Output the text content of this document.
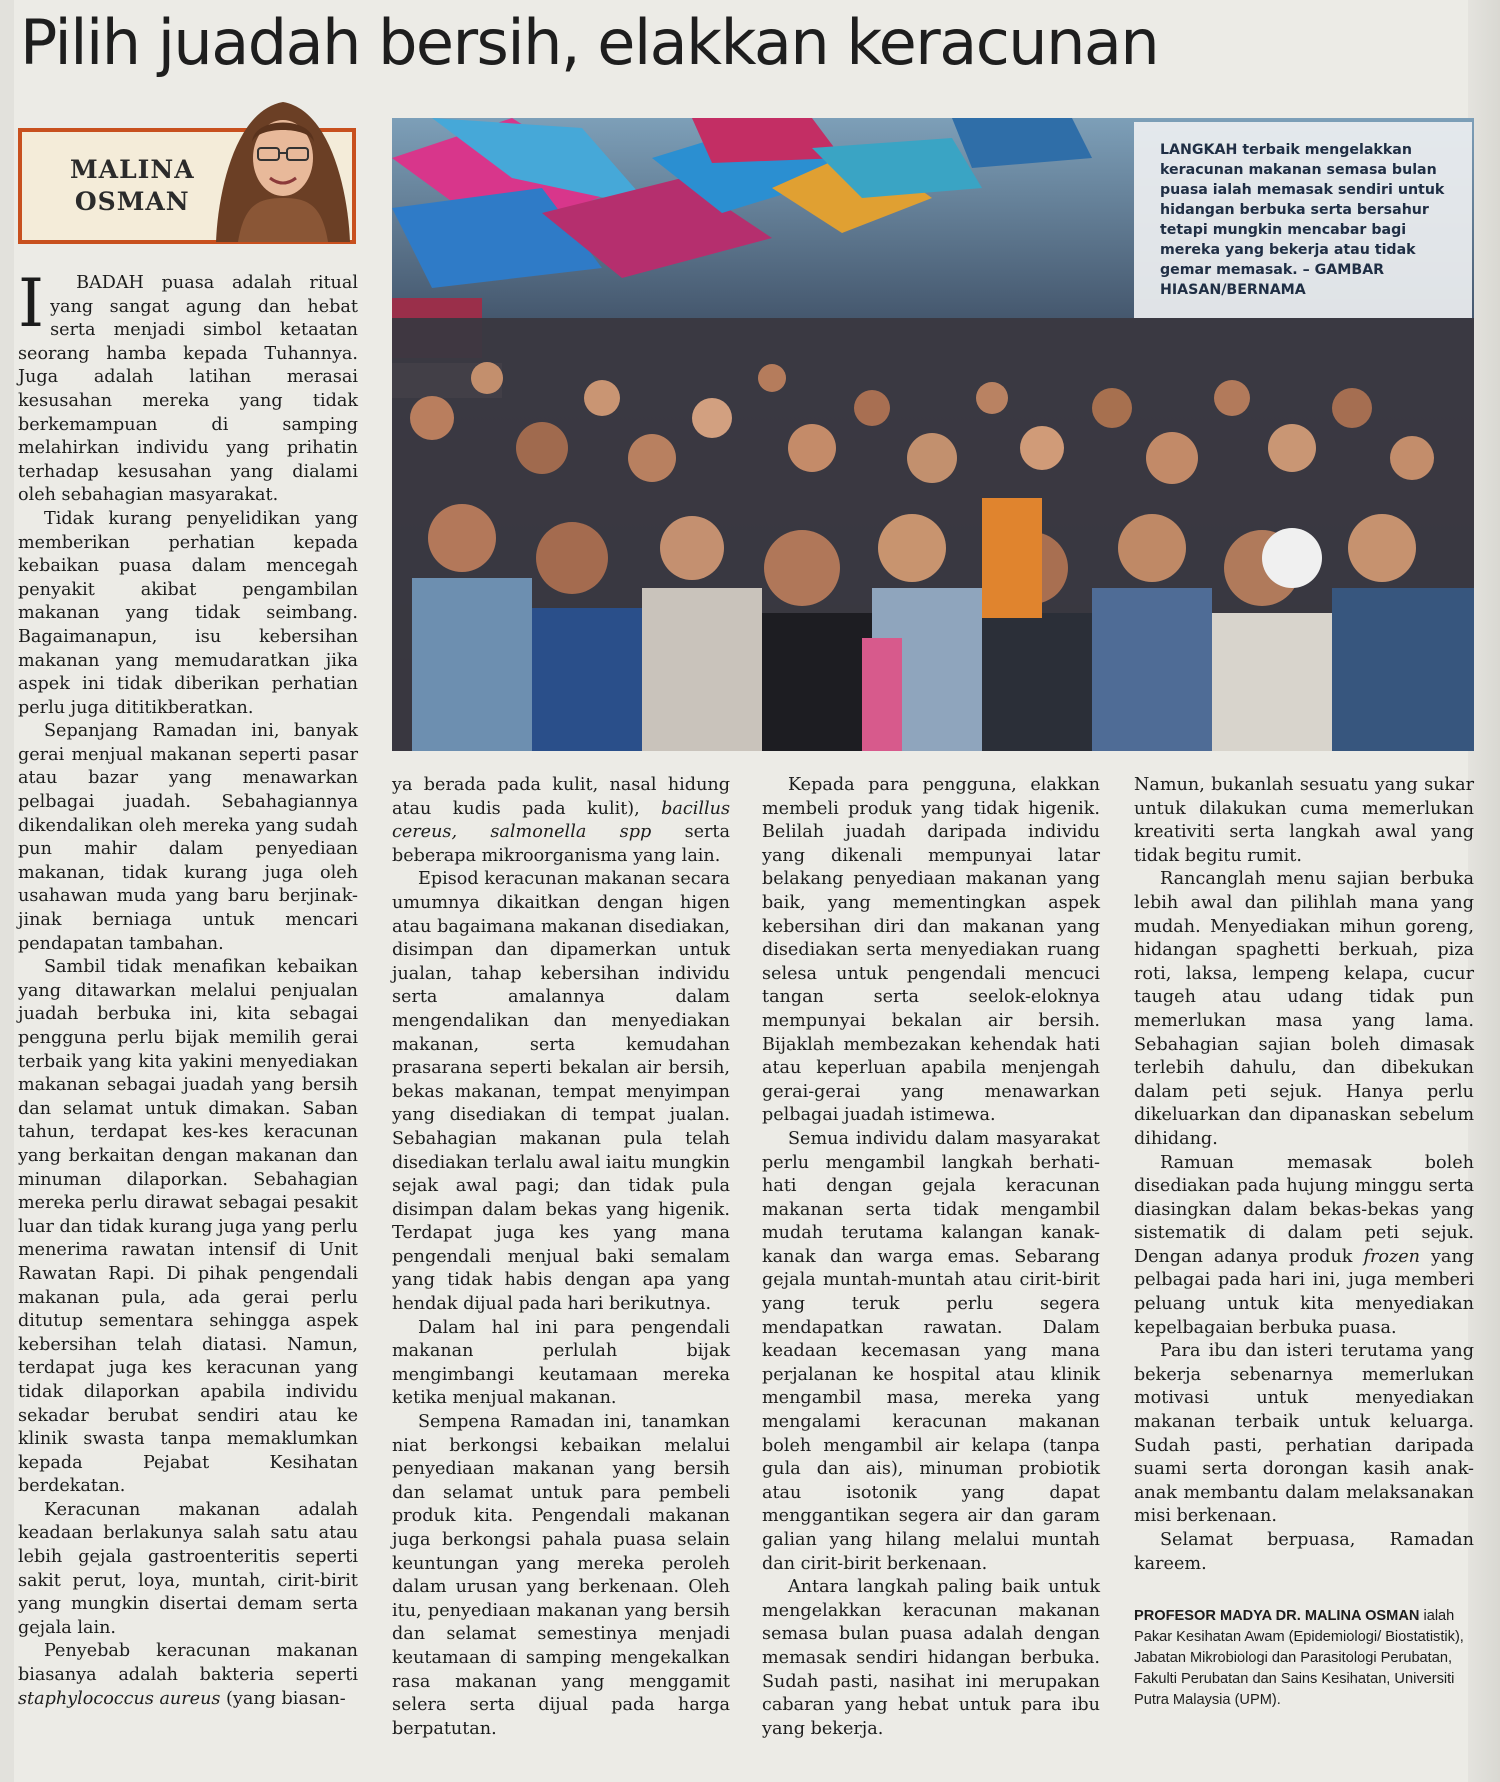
Pilih juadah bersih, elakkan keracunan
MALINA
OSMAN
LANGKAH terbaik mengelakkan keracunan makanan semasa bulan puasa ialah memasak sendiri untuk hidangan berbuka serta bersahur tetapi mungkin mencabar bagi mereka yang bekerja atau tidak gemar memasak. – GAMBAR HIASAN/BERNAMA

I BADAH puasa adalah ritual yang sangat agung dan hebat serta menjadi simbol ketaatan seorang hamba kepada Tuhannya. Juga adalah latihan merasai kesusahan mereka yang tidak berkemampuan di samping melahirkan individu yang prihatin terhadap kesusahan yang dialami oleh sebahagian masyarakat.

Tidak kurang penyelidikan yang memberikan perhatian kepada kebaikan puasa dalam mencegah penyakit akibat pengambilan makanan yang tidak seimbang. Bagaimanapun, isu kebersihan makanan yang memudaratkan jika aspek ini tidak diberikan perhatian perlu juga dititikberatkan.

Sepanjang Ramadan ini, banyak gerai menjual makanan seperti pasar atau bazar yang menawarkan pelbagai juadah. Sebahagiannya dikendalikan oleh mereka yang sudah pun mahir dalam penyediaan makanan, tidak kurang juga oleh usahawan muda yang baru berjinak-jinak berniaga untuk mencari pendapatan tambahan.

Sambil tidak menafikan kebaikan yang ditawarkan melalui penjualan juadah berbuka ini, kita sebagai pengguna perlu bijak memilih gerai terbaik yang kita yakini menyediakan makanan sebagai juadah yang bersih dan selamat untuk dimakan. Saban tahun, terdapat kes-kes keracunan yang berkaitan dengan makanan dan minuman dilaporkan. Sebahagian mereka perlu dirawat sebagai pesakit luar dan tidak kurang juga yang perlu menerima rawatan intensif di Unit Rawatan Rapi. Di pihak pengendali makanan pula, ada gerai perlu ditutup sementara sehingga aspek kebersihan telah diatasi. Namun, terdapat juga kes keracunan yang tidak dilaporkan apabila individu sekadar berubat sendiri atau ke klinik swasta tanpa memaklumkan kepada Pejabat Kesihatan berdekatan.

Keracunan makanan adalah keadaan berlakunya salah satu atau lebih gejala gastroenteritis seperti sakit perut, loya, muntah, cirit-birit yang mungkin disertai demam serta gejala lain.

Penyebab keracunan makanan biasanya adalah bakteria seperti staphylococcus aureus (yang biasan-

ya berada pada kulit, nasal hidung atau kudis pada kulit), bacillus cereus, salmonella spp serta beberapa mikroorganisma yang lain.

Episod keracunan makanan secara umumnya dikaitkan dengan higen atau bagaimana makanan disediakan, disimpan dan dipamerkan untuk jualan, tahap kebersihan individu serta amalannya dalam mengendalikan dan menyediakan makanan, serta kemudahan prasarana seperti bekalan air bersih, bekas makanan, tempat menyimpan yang disediakan di tempat jualan. Sebahagian makanan pula telah disediakan terlalu awal iaitu mungkin sejak awal pagi; dan tidak pula disimpan dalam bekas yang higenik. Terdapat juga kes yang mana pengendali menjual baki semalam yang tidak habis dengan apa yang hendak dijual pada hari berikutnya.

Dalam hal ini para pengendali makanan perlulah bijak mengimbangi keutamaan mereka ketika menjual makanan.

Sempena Ramadan ini, tanamkan niat berkongsi kebaikan melalui penyediaan makanan yang bersih dan selamat untuk para pembeli produk kita. Pengendali makanan juga berkongsi pahala puasa selain keuntungan yang mereka peroleh dalam urusan yang berkenaan. Oleh itu, penyediaan makanan yang bersih dan selamat semestinya menjadi keutamaan di samping mengekalkan rasa makanan yang menggamit selera serta dijual pada harga berpatutan.

Kepada para pengguna, elakkan membeli produk yang tidak higenik. Belilah juadah daripada individu yang dikenali mempunyai latar belakang penyediaan makanan yang baik, yang mementingkan aspek kebersihan diri dan makanan yang disediakan serta menyediakan ruang selesa untuk pengendali mencuci tangan serta seelok-eloknya mempunyai bekalan air bersih. Bijaklah membezakan kehendak hati atau keperluan apabila menjengah gerai-gerai yang menawarkan pelbagai juadah istimewa.

Semua individu dalam masyarakat perlu mengambil langkah berhati-hati dengan gejala keracunan makanan serta tidak mengambil mudah terutama kalangan kanak-kanak dan warga emas. Sebarang gejala muntah-muntah atau cirit-birit yang teruk perlu segera mendapatkan rawatan. Dalam keadaan kecemasan yang mana perjalanan ke hospital atau klinik mengambil masa, mereka yang mengalami keracunan makanan boleh mengambil air kelapa (tanpa gula dan ais), minuman probiotik atau isotonik yang dapat menggantikan segera air dan garam galian yang hilang melalui muntah dan cirit-birit berkenaan.

Antara langkah paling baik untuk mengelakkan keracunan makanan semasa bulan puasa adalah dengan memasak sendiri hidangan berbuka. Sudah pasti, nasihat ini merupakan cabaran yang hebat untuk para ibu yang bekerja.

Namun, bukanlah sesuatu yang sukar untuk dilakukan cuma memerlukan kreativiti serta langkah awal yang tidak begitu rumit.

Rancanglah menu sajian berbuka lebih awal dan pilihlah mana yang mudah. Menyediakan mihun goreng, hidangan spaghetti berkuah, piza roti, laksa, lempeng kelapa, cucur taugeh atau udang tidak pun memerlukan masa yang lama. Sebahagian sajian boleh dimasak terlebih dahulu, dan dibekukan dalam peti sejuk. Hanya perlu dikeluarkan dan dipanaskan sebelum dihidang.

Ramuan memasak boleh disediakan pada hujung minggu serta diasingkan dalam bekas-bekas yang sistematik di dalam peti sejuk. Dengan adanya produk frozen yang pelbagai pada hari ini, juga memberi peluang untuk kita menyediakan kepelbagaian berbuka puasa.

Para ibu dan isteri terutama yang bekerja sebenarnya memerlukan motivasi untuk menyediakan makanan terbaik untuk keluarga. Sudah pasti, perhatian daripada suami serta dorongan kasih anak-anak membantu dalam melaksanakan misi berkenaan.

Selamat berpuasa, Ramadan kareem.

PROFESOR MADYA DR. MALINA OSMAN ialah Pakar Kesihatan Awam (Epidemiologi/ Biostatistik), Jabatan Mikrobiologi dan Parasitologi Perubatan, Fakulti Perubatan dan Sains Kesihatan, Universiti Putra Malaysia (UPM).
